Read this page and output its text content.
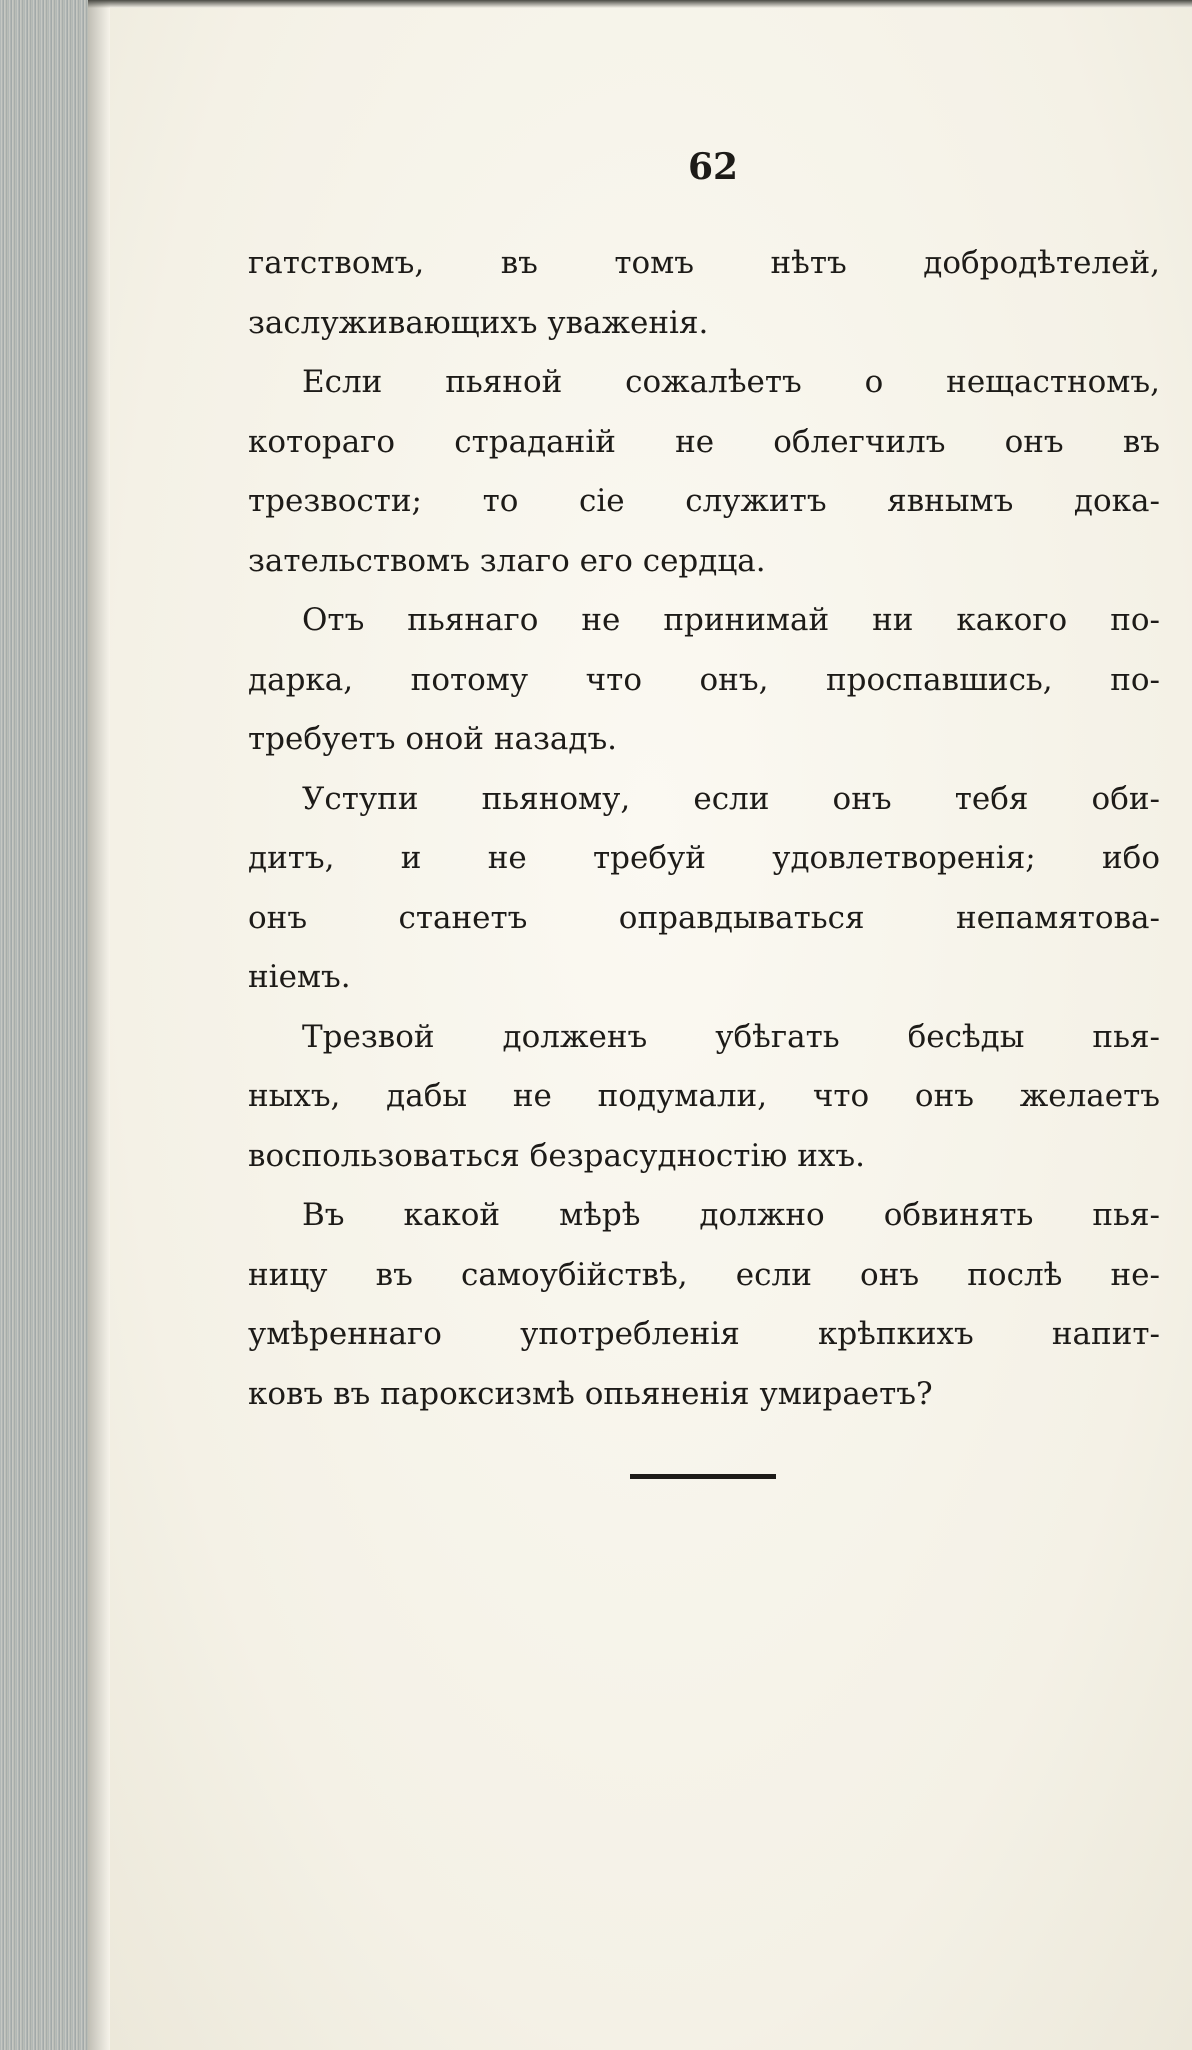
62

гатствомъ, въ томъ нѣтъ добродѣтелей,
заслуживающихъ уваженія.
Если пьяной сожалѣетъ о нещастномъ,
котораго страданій не облегчилъ онъ въ
трезвости; то сіе служитъ явнымъ дока-
зательствомъ злаго его сердца.
Отъ пьянаго не принимай ни какого по-
дарка, потому что онъ, проспавшись, по-
требуетъ оной назадъ.
Уступи пьяному, если онъ тебя оби-
дитъ, и не требуй удовлетворенія; ибо
онъ станетъ оправдываться непамятова-
ніемъ.
Трезвой долженъ убѣгать бесѣды пья-
ныхъ, дабы не подумали, что онъ желаетъ
воспользоваться безрасудностію ихъ.
Въ какой мѣрѣ должно обвинять пья-
ницу въ самоубійствѣ, если онъ послѣ не-
умѣреннаго употребленія крѣпкихъ напит-
ковъ въ пароксизмѣ опьяненія умираетъ?
